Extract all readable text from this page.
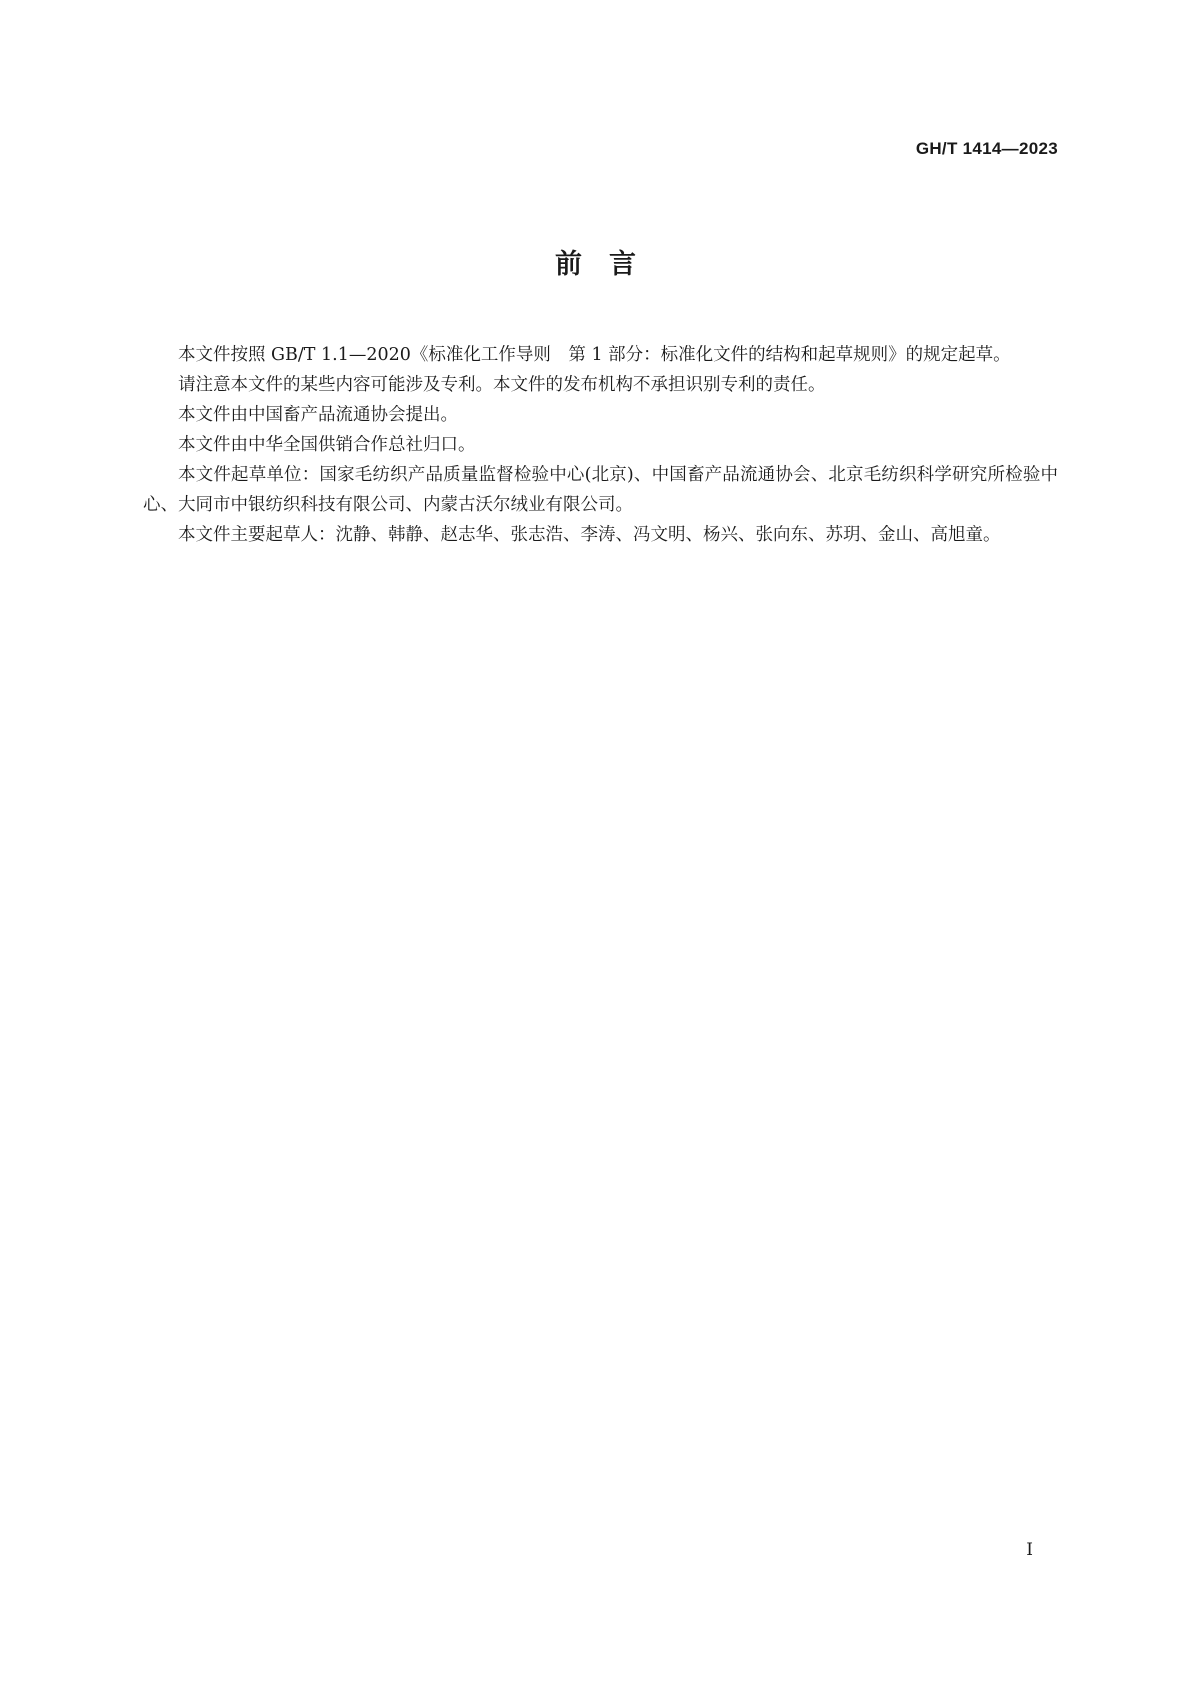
GH/T 1414—2023
前　言

本文件按照 GB/T 1.1—2020《标准化工作导则　第 1 部分：标准化文件的结构和起草规则》的规定起草。

请注意本文件的某些内容可能涉及专利。本文件的发布机构不承担识别专利的责任。

本文件由中国畜产品流通协会提出。

本文件由中华全国供销合作总社归口。

本文件起草单位：国家毛纺织产品质量监督检验中心(北京)、中国畜产品流通协会、北京毛纺织科学研究所检验中心、大同市中银纺织科技有限公司、内蒙古沃尔绒业有限公司。

本文件主要起草人：沈静、韩静、赵志华、张志浩、李涛、冯文明、杨兴、张向东、苏玥、金山、高旭童。

I
